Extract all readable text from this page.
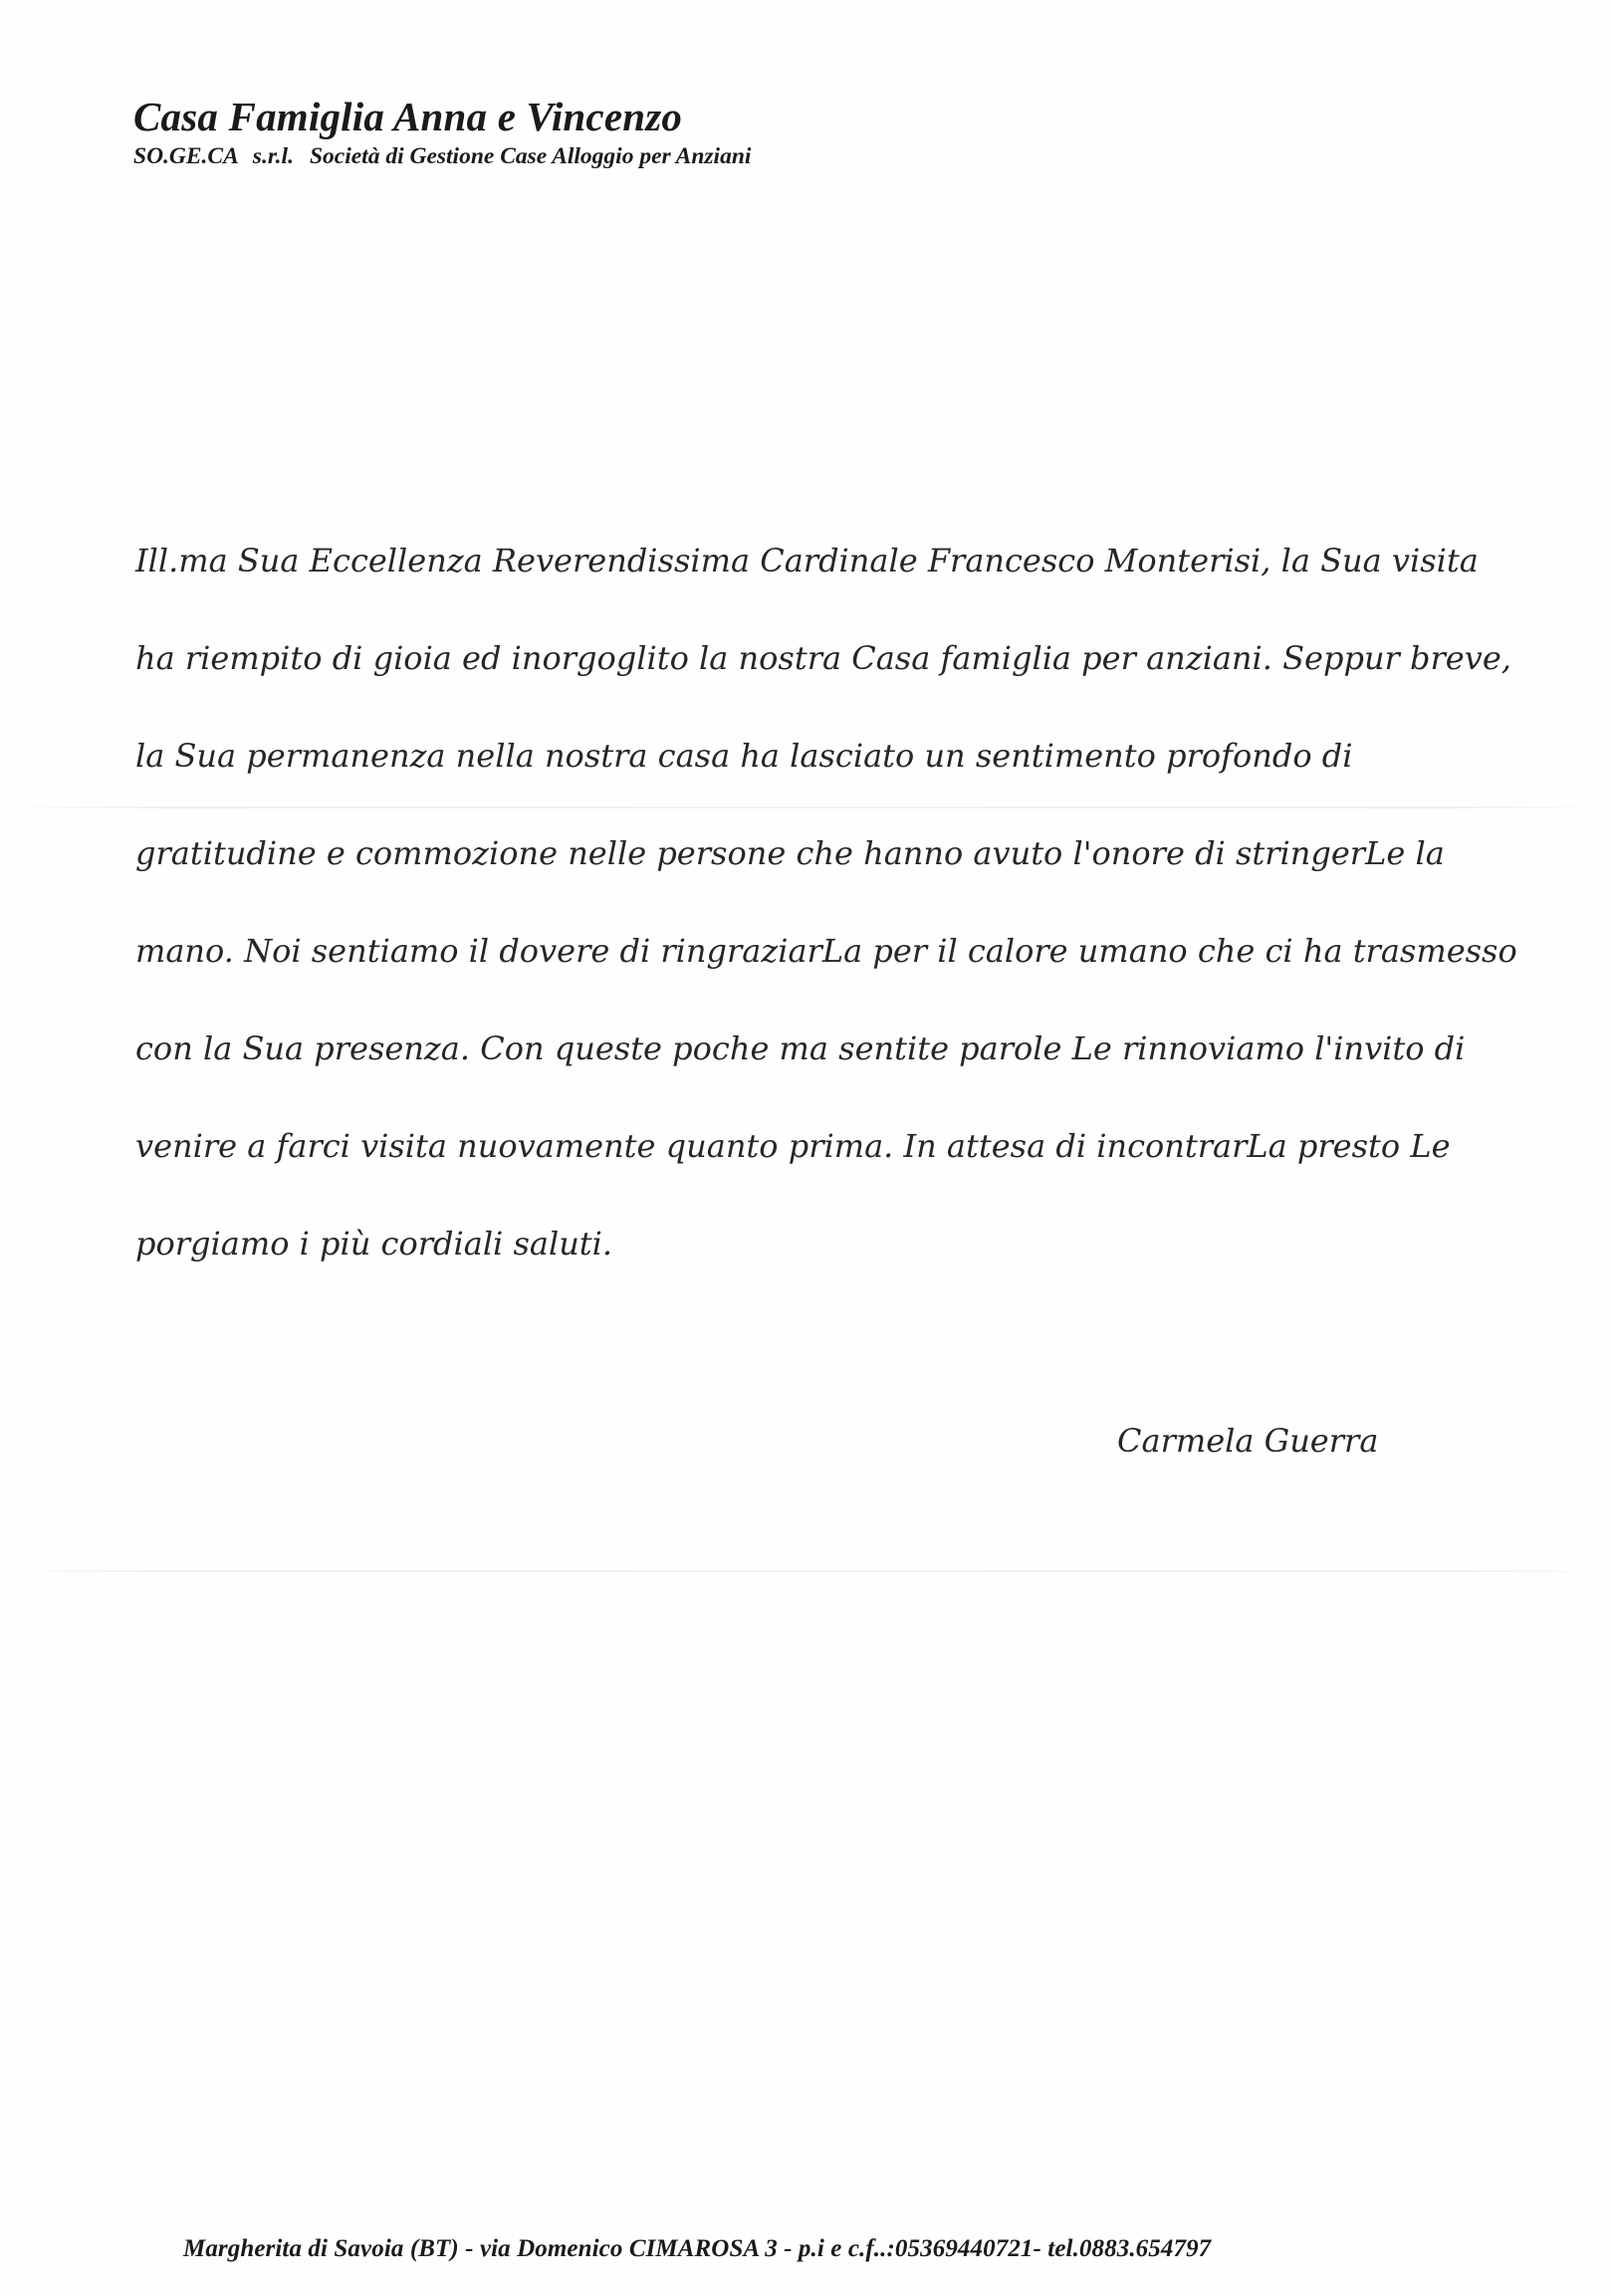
Casa Famiglia Anna e Vincenzo
SO.GE.CA s.r.l. Società di Gestione Case Alloggio per Anziani
Ill.ma Sua Eccellenza Reverendissima Cardinale Francesco Monterisi, la Sua visita
ha riempito di gioia ed inorgoglito la nostra Casa famiglia per anziani. Seppur breve,
la Sua permanenza nella nostra casa ha lasciato un sentimento profondo di
gratitudine e commozione nelle persone che hanno avuto l'onore di stringerLe la
mano. Noi sentiamo il dovere di ringraziarLa per il calore umano che ci ha trasmesso
con la Sua presenza. Con queste poche ma sentite parole Le rinnoviamo l'invito di
venire a farci visita nuovamente quanto prima. In attesa di incontrarLa presto Le
porgiamo i più cordiali saluti.
Carmela Guerra
Margherita di Savoia (BT) - via Domenico CIMAROSA 3 - p.i e c.f..:05369440721- tel.0883.654797
